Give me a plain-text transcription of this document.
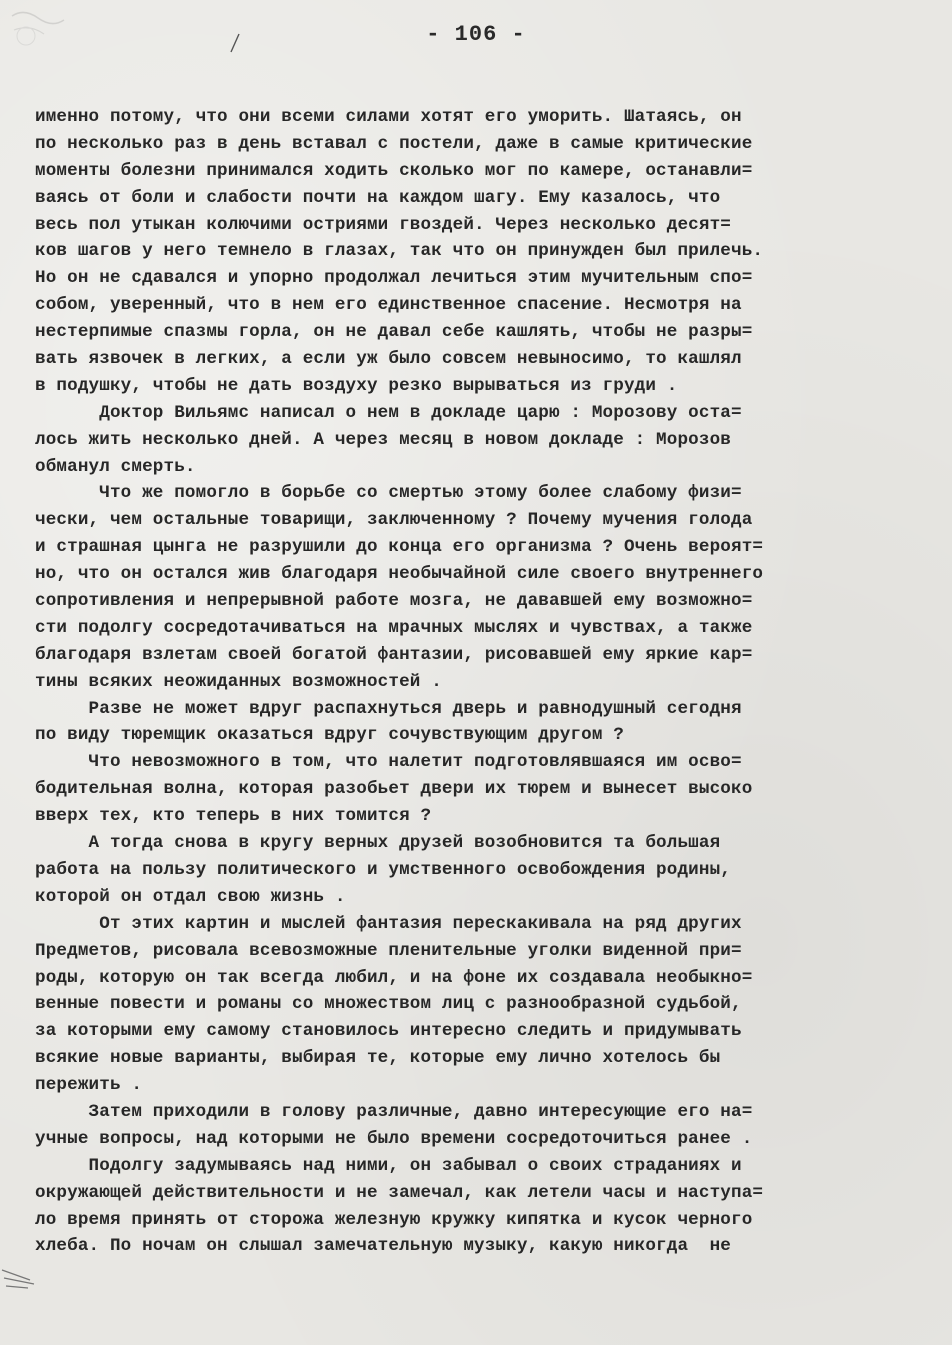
- 106 -
именно потому, что они всеми силами хотят его уморить. Шатаясь, он
по несколько раз в день вставал с постели, даже в самые критические
моменты болезни принимался ходить сколько мог по камере, останавли=
ваясь от боли и слабости почти на каждом шагу. Ему казалось, что
весь пол утыкан колючими остриями гвоздей. Через несколько десят=
ков шагов у него темнело в глазах, так что он принужден был прилечь.
Но он не сдавался и упорно продолжал лечиться этим мучительным спо=
собом, уверенный, что в нем его единственное спасение. Несмотря на
нестерпимые спазмы горла, он не давал себе кашлять, чтобы не разры=
вать язвочек в легких, а если уж было совсем невыносимо, то кашлял
в подушку, чтобы не дать воздуху резко вырываться из груди .
Доктор Вильямс написал о нем в докладе царю : Морозову оста=
лось жить несколько дней. А через месяц в новом докладе : Морозов
обманул смерть.
Что же помогло в борьбе со смертью этому более слабому физи=
чески, чем остальные товарищи, заключенному ? Почему мучения голода
и страшная цынга не разрушили до конца его организма ? Очень вероят=
но, что он остался жив благодаря необычайной силе своего внутреннего
сопротивления и непрерывной работе мозга, не дававшей ему возможно=
сти подолгу сосредотачиваться на мрачных мыслях и чувствах, а также
благодаря взлетам своей богатой фантазии, рисовавшей ему яркие кар=
тины всяких неожиданных возможностей .
Разве не может вдруг распахнуться дверь и равнодушный сегодня
по виду тюремщик оказаться вдруг сочувствующим другом ?
Что невозможного в том, что налетит подготовлявшаяся им осво=
бодительная волна, которая разобьет двери их тюрем и вынесет высоко
вверх тех, кто теперь в них томится ?
А тогда снова в кругу верных друзей возобновится та большая
работа на пользу политического и умственного освобождения родины,
которой он отдал свою жизнь .
От этих картин и мыслей фантазия перескакивала на ряд других
Предметов, рисовала всевозможные пленительные уголки виденной при=
роды, которую он так всегда любил, и на фоне их создавала необыкно=
венные повести и романы со множеством лиц с разнообразной судьбой,
за которыми ему самому становилось интересно следить и придумывать
всякие новые варианты, выбирая те, которые ему лично хотелось бы
пережить .
Затем приходили в голову различные, давно интересующие его на=
учные вопросы, над которыми не было времени сосредоточиться ранее .
Подолгу задумываясь над ними, он забывал о своих страданиях и
окружающей действительности и не замечал, как летели часы и наступа=
ло время принять от сторожа железную кружку кипятка и кусок черного
хлеба. По ночам он слышал замечательную музыку, какую никогда  не
